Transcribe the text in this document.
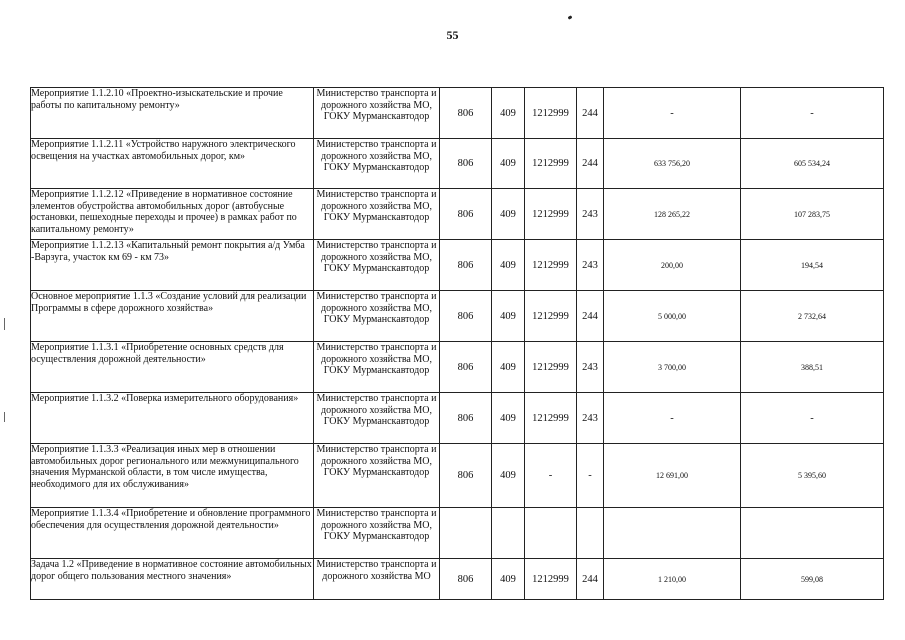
55
Мероприятие 1.1.2.10 «Проектно-изыскательские и прочие работы по капитальному ремонту»	Министерство транспорта и дорожного хозяйства МО, ГОКУ Мурманскавтодор	806	409	1212999	244	-	-

Мероприятие 1.1.2.11 «Устройство наружного электрического освещения на участках автомобильных дорог, км»	Министерство транспорта и дорожного хозяйства МО, ГОКУ Мурманскавтодор	806	409	1212999	244	633 756,20	605 534,24

Мероприятие 1.1.2.12 «Приведение в нормативное состояние элементов обустройства автомобильных дорог (автобусные остановки, пешеходные переходы и прочее) в рамках работ по капитальному ремонту»	Министерство транспорта и дорожного хозяйства МО, ГОКУ Мурманскавтодор	806	409	1212999	243	128 265,22	107 283,75

Мероприятие 1.1.2.13 «Капитальный ремонт покрытия а/д Умба -Варзуга, участок км 69 - км 73»	Министерство транспорта и дорожного хозяйства МО, ГОКУ Мурманскавтодор	806	409	1212999	243	200,00	194,54

Основное мероприятие 1.1.3 «Создание условий для реализации Программы в сфере дорожного хозяйства»	Министерство транспорта и дорожного хозяйства МО, ГОКУ Мурманскавтодор	806	409	1212999	244	5 000,00	2 732,64

Мероприятие 1.1.3.1 «Приобретение основных средств для осуществления дорожной деятельности»	Министерство транспорта и дорожного хозяйства МО, ГОКУ Мурманскавтодор	806	409	1212999	243	3 700,00	388,51

Мероприятие 1.1.3.2 «Поверка измерительного оборудования»	Министерство транспорта и дорожного хозяйства МО, ГОКУ Мурманскавтодор	806	409	1212999	243	-	-

Мероприятие 1.1.3.3 «Реализация иных мер в отношении автомобильных дорог регионального или межмуниципального значения Мурманской области, в том числе имущества, необходимого для их обслуживания»	Министерство транспорта и дорожного хозяйства МО, ГОКУ Мурманскавтодор	806	409	-	-	12 691,00	5 395,60

Мероприятие 1.1.3.4 «Приобретение и обновление программного обеспечения для осуществления дорожной деятельности»	Министерство транспорта и дорожного хозяйства МО, ГОКУ Мурманскавтодор						

Задача 1.2 «Приведение в нормативное состояние автомобильных дорог общего пользования местного значения»	Министерство транспорта и дорожного хозяйства МО	806	409	1212999	244	1 210,00	599,08
